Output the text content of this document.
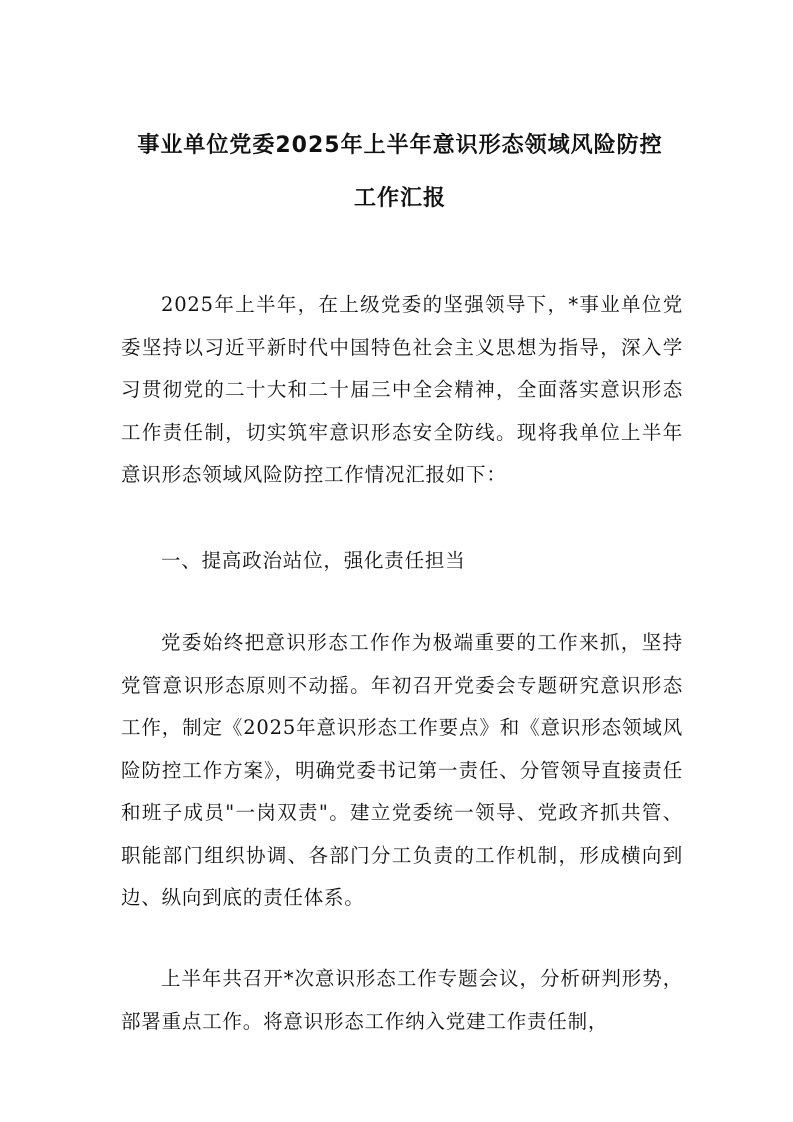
事业单位党委2025年上半年意识形态领域风险防控
工作汇报

2025年上半年，在上级党委的坚强领导下，*事业单位党委坚持以习近平新时代中国特色社会主义思想为指导，深入学习贯彻党的二十大和二十届三中全会精神，全面落实意识形态工作责任制，切实筑牢意识形态安全防线。现将我单位上半年意识形态领域风险防控工作情况汇报如下：

一、提高政治站位，强化责任担当

党委始终把意识形态工作作为极端重要的工作来抓，坚持党管意识形态原则不动摇。年初召开党委会专题研究意识形态工作，制定《2025年意识形态工作要点》和《意识形态领域风险防控工作方案》，明确党委书记第一责任、分管领导直接责任和班子成员"一岗双责"。建立党委统一领导、党政齐抓共管、职能部门组织协调、各部门分工负责的工作机制，形成横向到边、纵向到底的责任体系。

上半年共召开*次意识形态工作专题会议，分析研判形势，部署重点工作。将意识形态工作纳入党建工作责任制，
